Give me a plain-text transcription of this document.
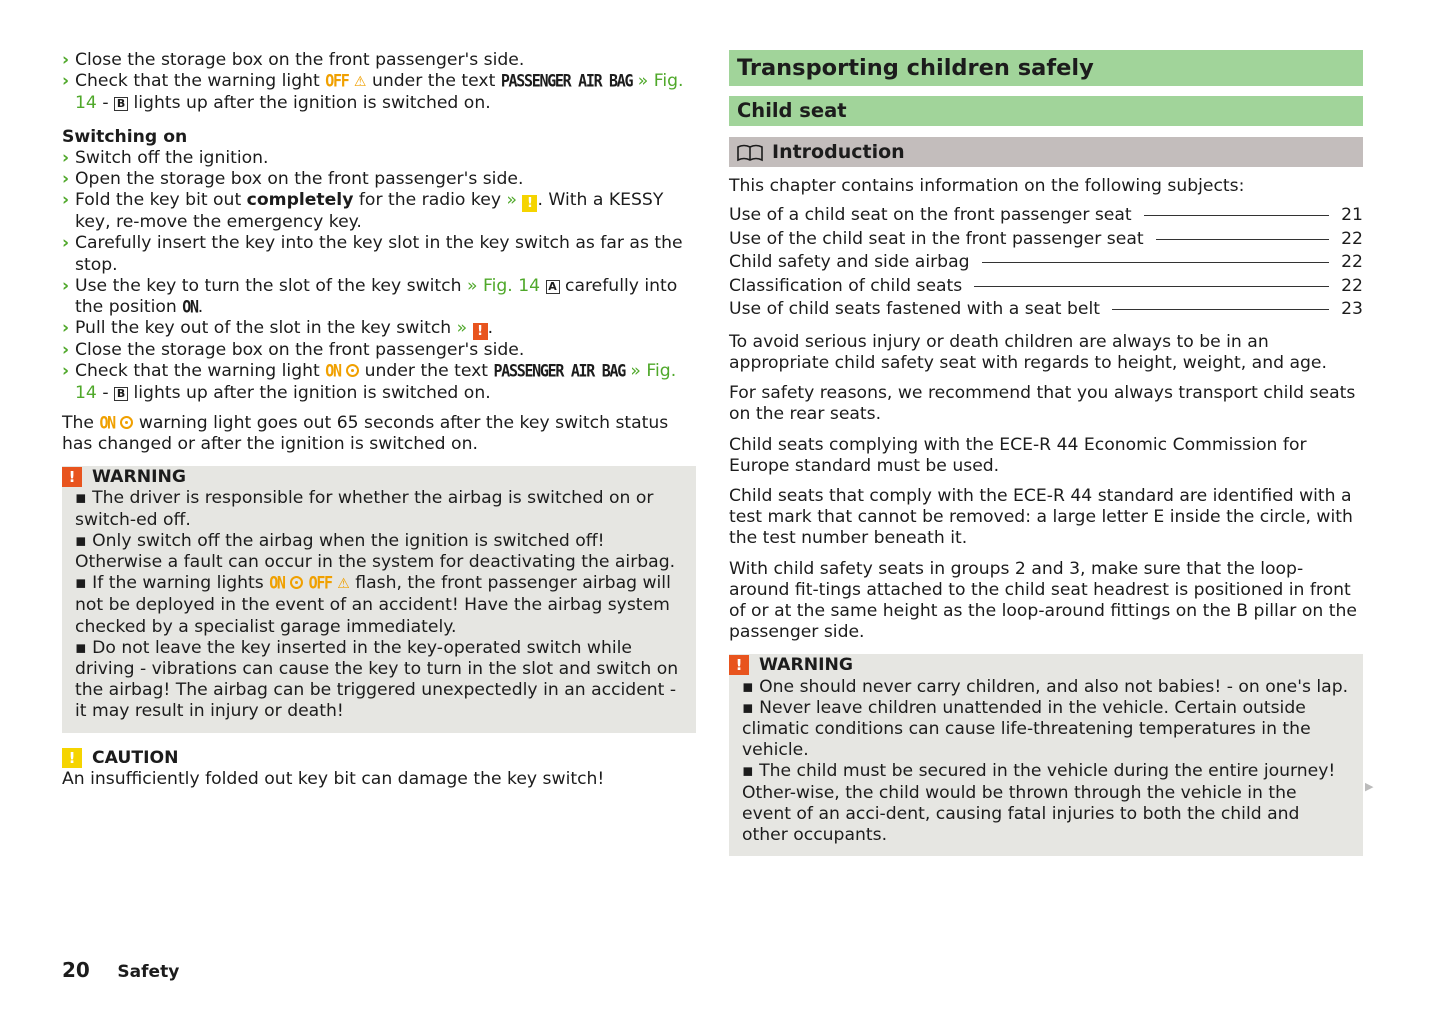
› Close the storage box on the front passenger's side.
› Check that the warning light OFF ⚠ under the text PASSENGER AIR BAG » Fig. 14 - B lights up after the ignition is switched on.
Switching on
› Switch off the ignition.
› Open the storage box on the front passenger's side.
› Fold the key bit out completely for the radio key » ! . With a KESSY key, re-move the emergency key.
› Carefully insert the key into the key slot in the key switch as far as the stop.
› Use the key to turn the slot of the key switch » Fig. 14 A carefully into the position ON.
› Pull the key out of the slot in the key switch » ! .
› Close the storage box on the front passenger's side.
› Check that the warning light ON under the text PASSENGER AIR BAG » Fig. 14 - B lights up after the ignition is switched on.
The ON warning light goes out 65 seconds after the key switch status has changed or after the ignition is switched on.
! WARNING
▪ The driver is responsible for whether the airbag is switched on or switch-ed off.
▪ Only switch off the airbag when the ignition is switched off! Otherwise a fault can occur in the system for deactivating the airbag.
▪ If the warning lights ON OFF ⚠ flash, the front passenger airbag will not be deployed in the event of an accident! Have the airbag system checked by a specialist garage immediately.
▪ Do not leave the key inserted in the key-operated switch while driving - vibrations can cause the key to turn in the slot and switch on the airbag! The airbag can be triggered unexpectedly in an accident - it may result in injury or death!
! CAUTION
An insufficiently folded out key bit can damage the key switch!
Transporting children safely
Child seat
Introduction
This chapter contains information on the following subjects:
Use of a child seat on the front passenger seat	21
Use of the child seat in the front passenger seat	22
Child safety and side airbag	22
Classification of child seats	22
Use of child seats fastened with a seat belt	23
To avoid serious injury or death children are always to be in an appropriate child safety seat with regards to height, weight, and age.
For safety reasons, we recommend that you always transport child seats on the rear seats.
Child seats complying with the ECE-R 44 Economic Commission for Europe standard must be used.
Child seats that comply with the ECE-R 44 standard are identified with a test mark that cannot be removed: a large letter E inside the circle, with the test number beneath it.
With child safety seats in groups 2 and 3, make sure that the loop-around fit-tings attached to the child seat headrest is positioned in front of or at the same height as the loop-around fittings on the B pillar on the passenger side.
! WARNING
▪ One should never carry children, and also not babies! - on one's lap.
▪ Never leave children unattended in the vehicle. Certain outside climatic conditions can cause life-threatening temperatures in the vehicle.
▪ The child must be secured in the vehicle during the entire journey! Other-wise, the child would be thrown through the vehicle in the event of an acci-dent, causing fatal injuries to both the child and other occupants.
▶
20 Safety
